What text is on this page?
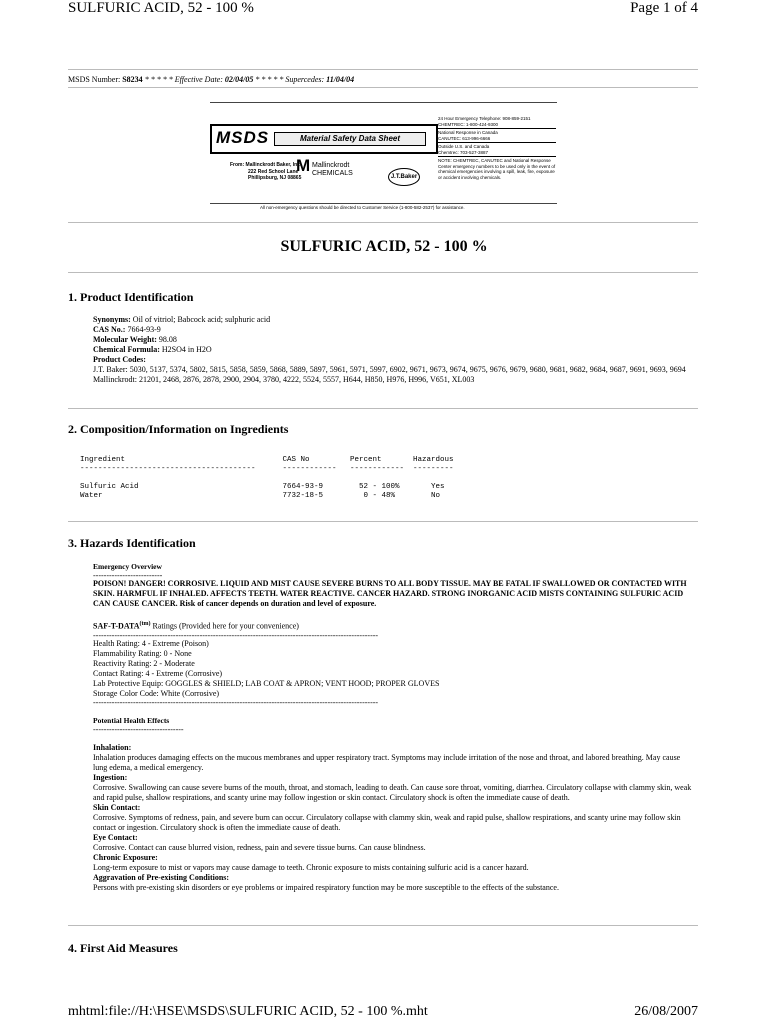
SULFURIC ACID, 52 - 100 %	Page 1 of 4
MSDS Number: S8234 * * * * * Effective Date: 02/04/05 * * * * * Supercedes: 11/04/04
MSDS	Material Safety Data Sheet
From: Mallinckrodt Baker, Inc.
222 Red School Lane
Phillipsburg, NJ 08865
M Mallinckrodt
CHEMICALS	J.T.Baker
24 Hour Emergency Telephone: 908-859-2151
CHEMTREC: 1-800-424-9300
National Response in Canada
CANUTEC: 613-996-6666
Outside U.S. and Canada
Chemtrec: 703-527-3887
NOTE: CHEMTREC, CANUTEC and National Response Center emergency numbers to be used only in the event of chemical emergencies involving a spill, leak, fire, exposure or accident involving chemicals.
All non-emergency questions should be directed to Customer Service (1-800-582-2537) for assistance.
SULFURIC ACID, 52 - 100 %
1. Product Identification
Synonyms: Oil of vitriol; Babcock acid; sulphuric acid
CAS No.: 7664-93-9
Molecular Weight: 98.08
Chemical Formula: H2SO4 in H2O
Product Codes:
J.T. Baker: 5030, 5137, 5374, 5802, 5815, 5858, 5859, 5868, 5889, 5897, 5961, 5971, 5997, 6902, 9671, 9673, 9674, 9675, 9676, 9679, 9680, 9681, 9682, 9684, 9687, 9691, 9693, 9694
Mallinckrodt: 21201, 2468, 2876, 2878, 2900, 2904, 3780, 4222, 5524, 5557, H644, H850, H976, H996, V651, XL003
2. Composition/Information on Ingredients
Ingredient                                   CAS No         Percent       Hazardous
---------------------------------------      ------------   ------------  ---------

Sulfuric Acid                                7664-93-9        52 - 100%       Yes
Water                                        7732-18-5         0 - 48%        No
3. Hazards Identification
Emergency Overview
--------------------------
POISON! DANGER! CORROSIVE. LIQUID AND MIST CAUSE SEVERE BURNS TO ALL BODY TISSUE. MAY BE FATAL IF SWALLOWED OR CONTACTED WITH SKIN. HARMFUL IF INHALED. AFFECTS TEETH. WATER REACTIVE. CANCER HAZARD. STRONG INORGANIC ACID MISTS CONTAINING SULFURIC ACID CAN CAUSE CANCER. Risk of cancer depends on duration and level of exposure.
SAF-$T-DATA^{(tm)}$ Ratings (Provided here for your convenience)
-----------------------------------------------------------------------------------------------------------
Health Rating: 4 - Extreme (Poison)
Flammability Rating: 0 - None
Reactivity Rating: 2 - Moderate
Contact Rating: 4 - Extreme (Corrosive)
Lab Protective Equip: GOGGLES & SHIELD; LAB COAT & APRON; VENT HOOD; PROPER GLOVES
Storage Color Code: White (Corrosive)
-----------------------------------------------------------------------------------------------------------
Potential Health Effects
----------------------------------
Inhalation:
Inhalation produces damaging effects on the mucous membranes and upper respiratory tract. Symptoms may include irritation of the nose and throat, and labored breathing. May cause lung edema, a medical emergency.
Ingestion:
Corrosive. Swallowing can cause severe burns of the mouth, throat, and stomach, leading to death. Can cause sore throat, vomiting, diarrhea. Circulatory collapse with clammy skin, weak and rapid pulse, shallow respirations, and scanty urine may follow ingestion or skin contact. Circulatory shock is often the immediate cause of death.
Skin Contact:
Corrosive. Symptoms of redness, pain, and severe burn can occur. Circulatory collapse with clammy skin, weak and rapid pulse, shallow respirations, and scanty urine may follow skin contact or ingestion. Circulatory shock is often the immediate cause of death.
Eye Contact:
Corrosive. Contact can cause blurred vision, redness, pain and severe tissue burns. Can cause blindness.
Chronic Exposure:
Long-term exposure to mist or vapors may cause damage to teeth. Chronic exposure to mists containing sulfuric acid is a cancer hazard.
Aggravation of Pre-existing Conditions:
Persons with pre-existing skin disorders or eye problems or impaired respiratory function may be more susceptible to the effects of the substance.
4. First Aid Measures
mhtml:file://H:\HSE\MSDS\SULFURIC ACID, 52 - 100 %.mht	26/08/2007
